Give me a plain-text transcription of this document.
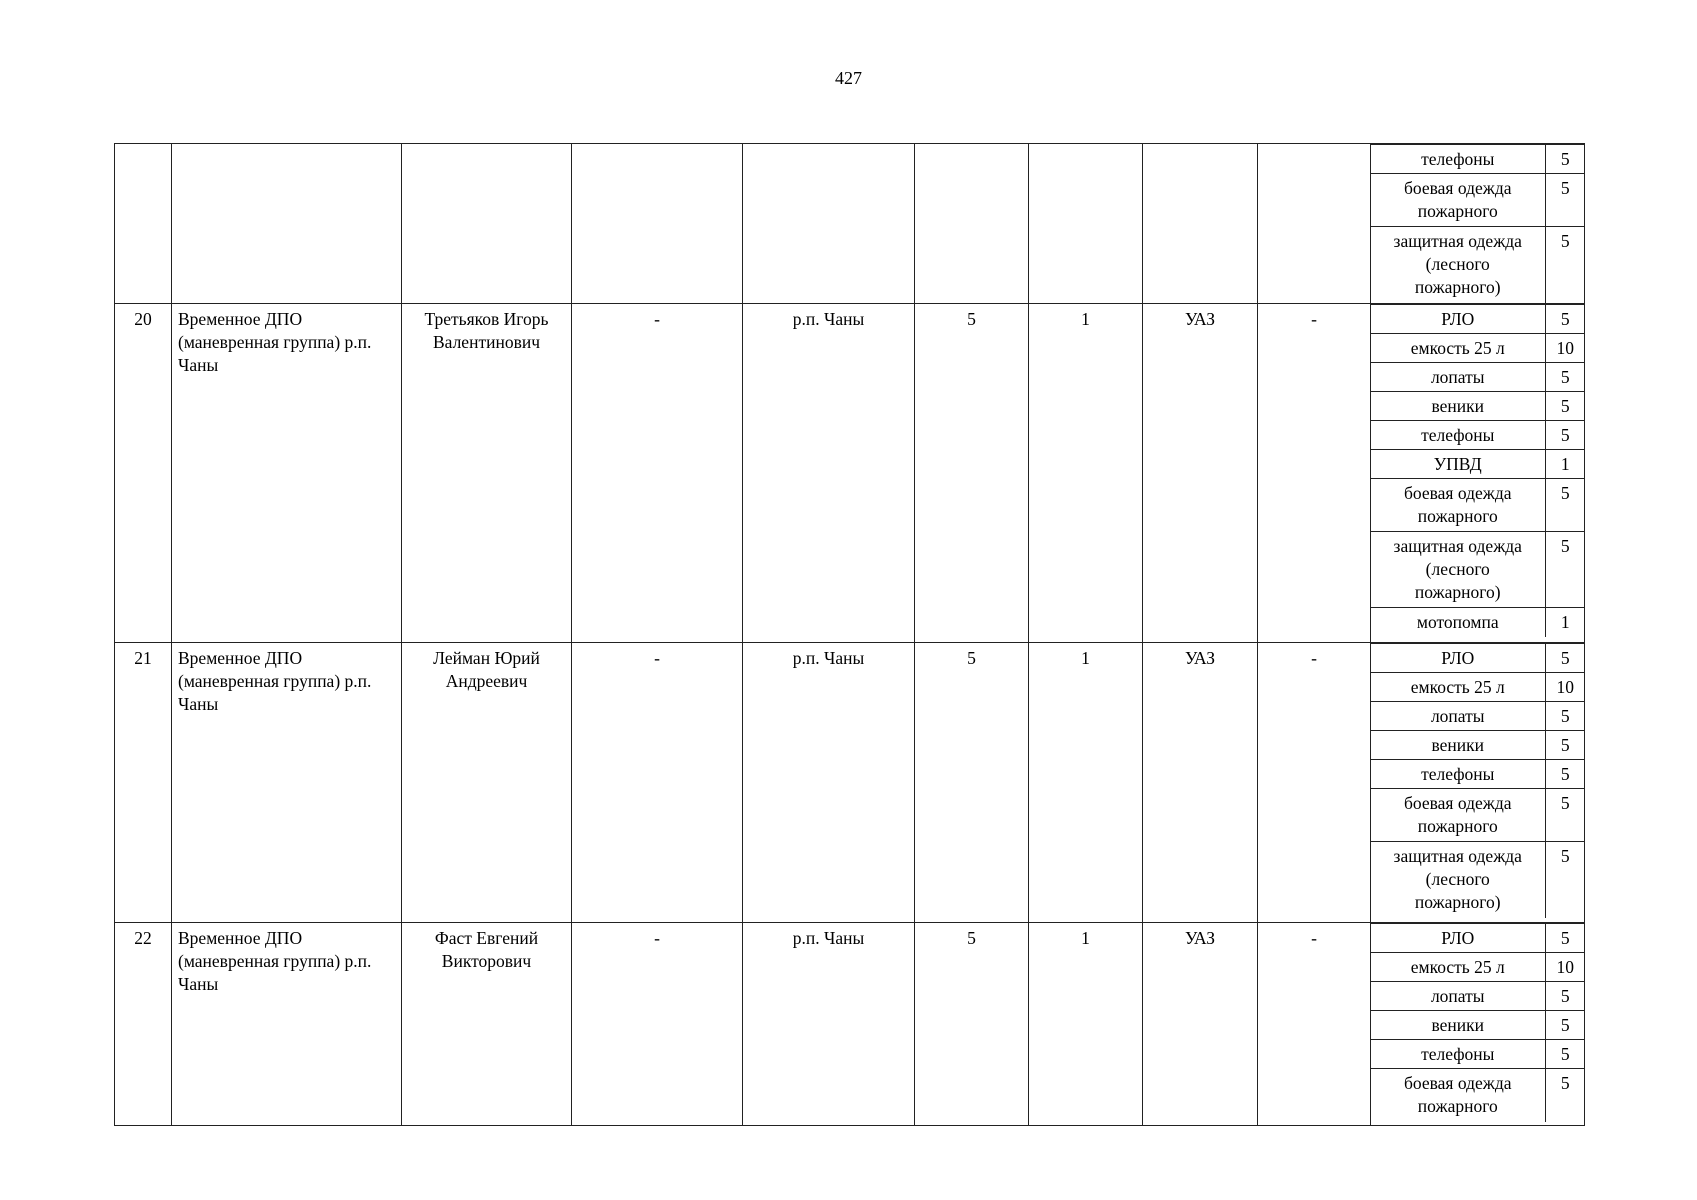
427

телефоны	5
боевая одежда пожарного	5
защитная одежда (лесного пожарного)	5

20	Временное ДПО (маневренная группа) р.п. Чаны	Третьяков Игорь Валентинович	-	р.п. Чаны	5	1	УАЗ	-		РЛО	5
емкость 25 л	10
лопаты	5
веники	5
телефоны	5
УПВД	1
боевая одежда пожарного	5
защитная одежда (лесного пожарного)	5
мотопомпа	1

21	Временное ДПО (маневренная группа) р.п. Чаны	Лейман Юрий Андреевич	-	р.п. Чаны	5	1	УАЗ	-		РЛО	5
емкость 25 л	10
лопаты	5
веники	5
телефоны	5
боевая одежда пожарного	5
защитная одежда (лесного пожарного)	5

22	Временное ДПО (маневренная группа) р.п. Чаны	Фаст Евгений Викторович	-	р.п. Чаны	5	1	УАЗ	-		РЛО	5
емкость 25 л	10
лопаты	5
веники	5
телефоны	5
боевая одежда пожарного	5
